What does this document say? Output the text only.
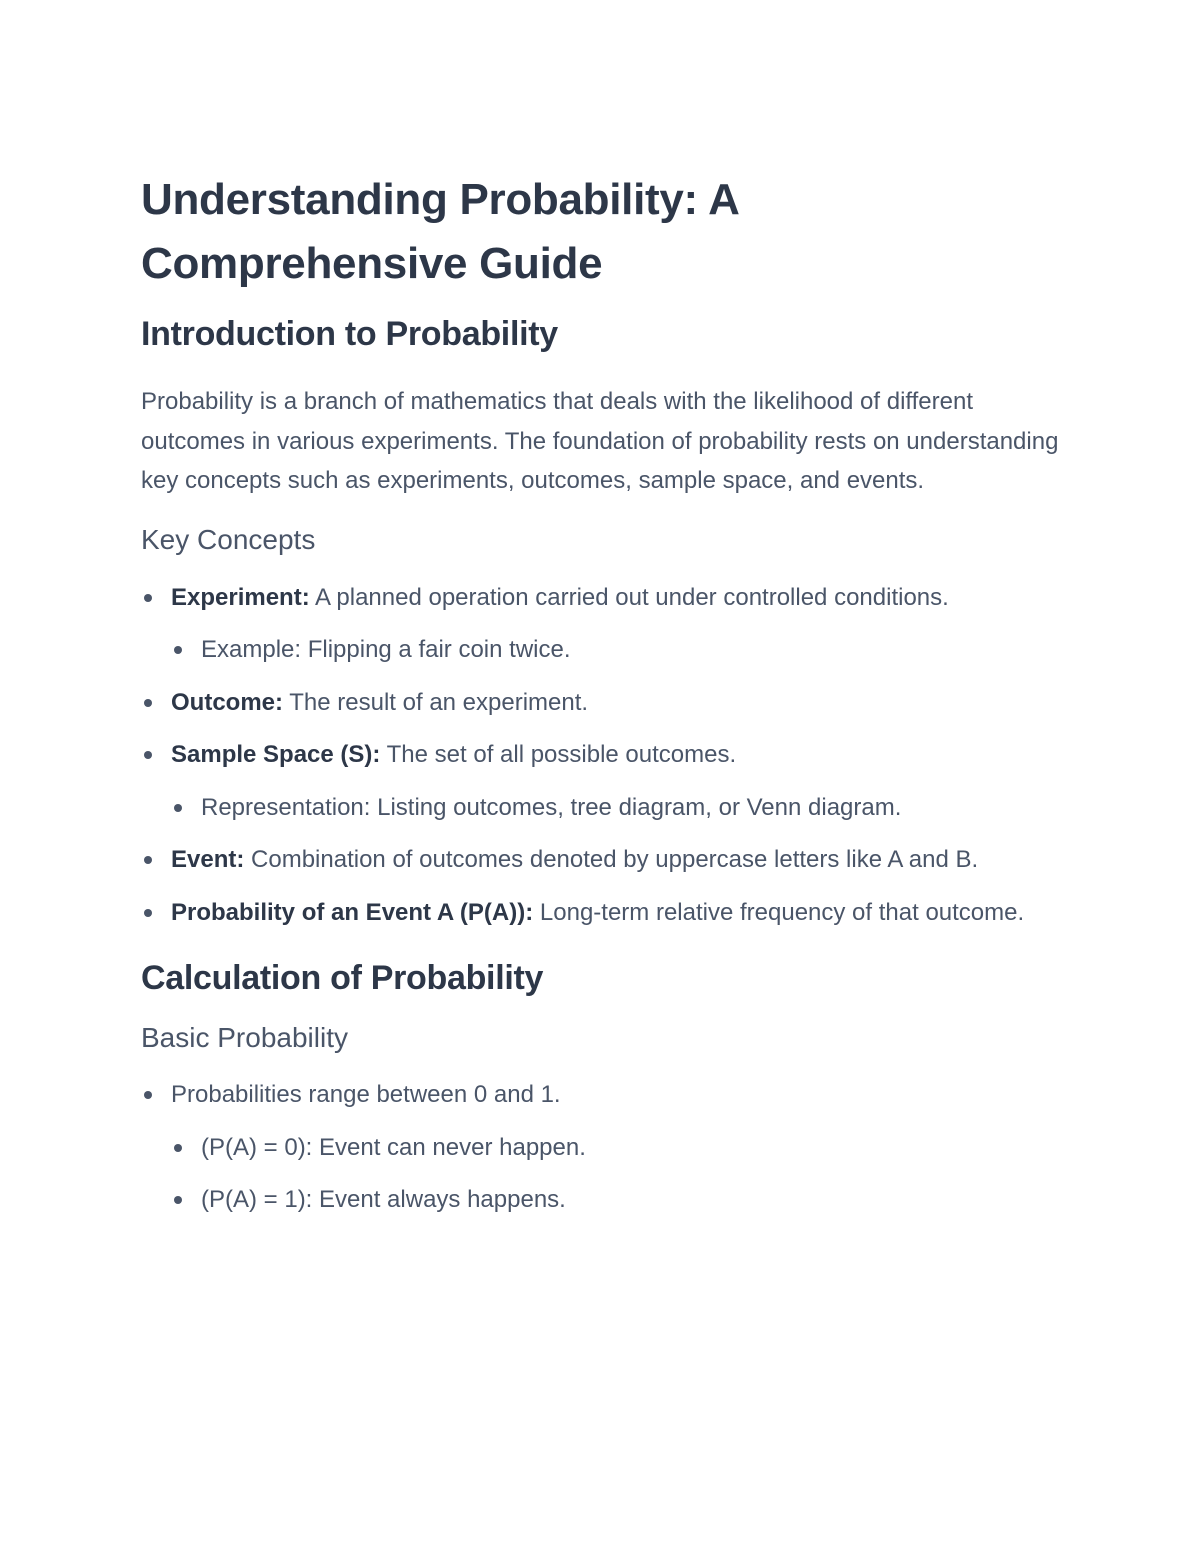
Understanding Probability: A Comprehensive Guide
Introduction to Probability

Probability is a branch of mathematics that deals with the likelihood of different outcomes in various experiments. The foundation of probability rests on understanding key concepts such as experiments, outcomes, sample space, and events.

Key Concepts
Experiment: A planned operation carried out under controlled conditions.
Example: Flipping a fair coin twice.
Outcome: The result of an experiment.
Sample Space (S): The set of all possible outcomes.
Representation: Listing outcomes, tree diagram, or Venn diagram.
Event: Combination of outcomes denoted by uppercase letters like A and B.
Probability of an Event A (P(A)): Long-term relative frequency of that outcome.
Calculation of Probability
Basic Probability
Probabilities range between 0 and 1.
(P(A) = 0): Event can never happen.
(P(A) = 1): Event always happens.
